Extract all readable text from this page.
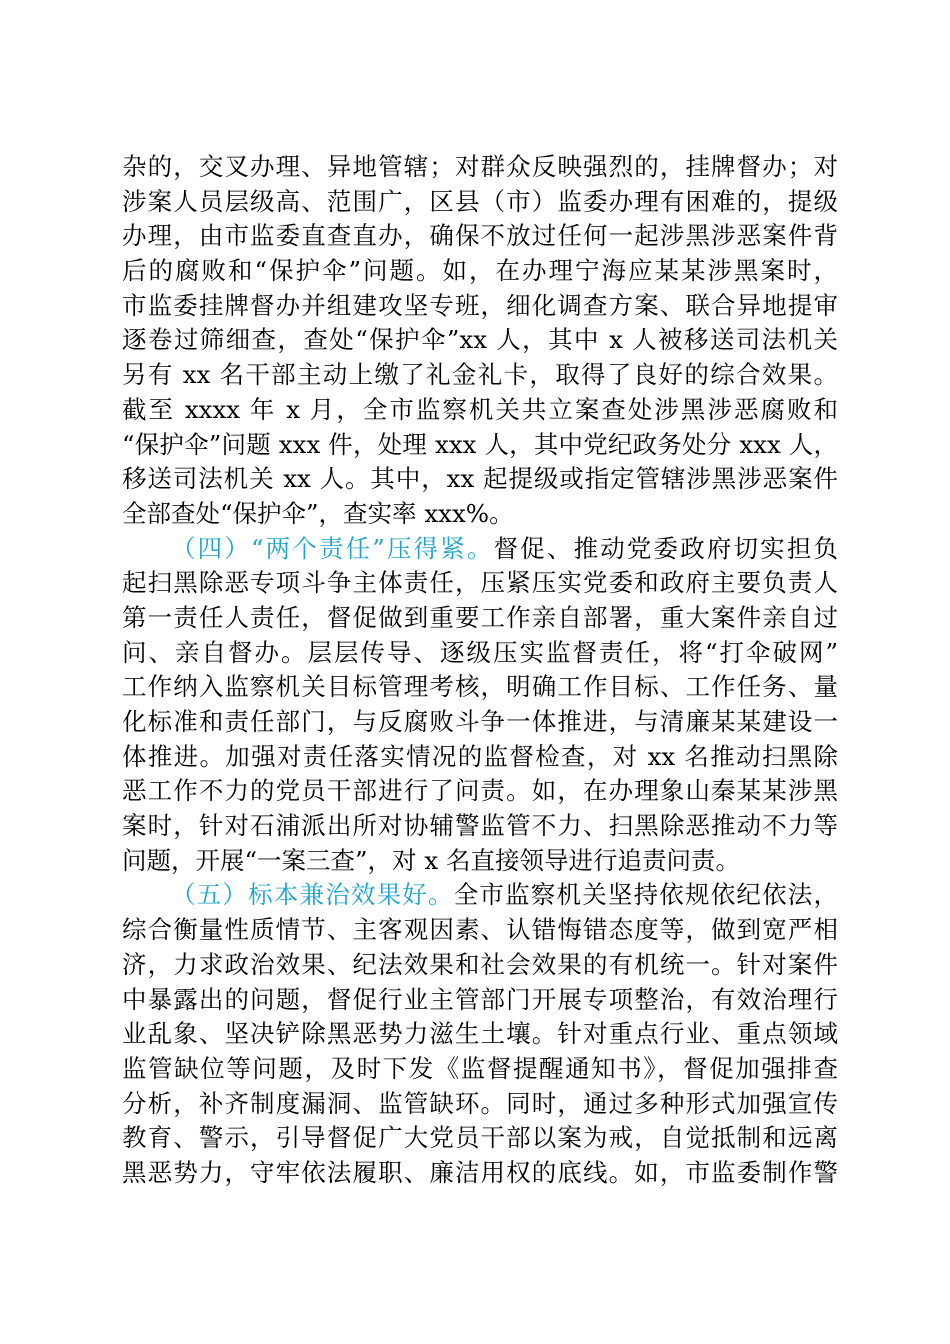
杂的，交叉办理、异地管辖；对群众反映强烈的，挂牌督办；对
涉案人员层级高、范围广，区县（市）监委办理有困难的，提级
办理，由市监委直查直办，确保不放过任何一起涉黑涉恶案件背
后的腐败和“保护伞”问题。如，在办理宁海应某某涉黑案时，
市监委挂牌督办并组建攻坚专班，细化调查方案、联合异地提审
逐卷过筛细查，查处“保护伞”xx 人，其中 x 人被移送司法机关
另有 xx 名干部主动上缴了礼金礼卡，取得了良好的综合效果。
截至 xxxx 年 x 月，全市监察机关共立案查处涉黑涉恶腐败和
“保护伞”问题 xxx 件，处理 xxx 人，其中党纪政务处分 xxx 人，
移送司法机关 xx 人。其中，xx 起提级或指定管辖涉黑涉恶案件
全部查处“保护伞”，查实率 xxx%。
（四）“两个责任”压得紧。督促、推动党委政府切实担负
起扫黑除恶专项斗争主体责任，压紧压实党委和政府主要负责人
第一责任人责任，督促做到重要工作亲自部署，重大案件亲自过
问、亲自督办。层层传导、逐级压实监督责任，将“打伞破网”
工作纳入监察机关目标管理考核，明确工作目标、工作任务、量
化标准和责任部门，与反腐败斗争一体推进，与清廉某某建设一
体推进。加强对责任落实情况的监督检查，对 xx 名推动扫黑除
恶工作不力的党员干部进行了问责。如，在办理象山秦某某涉黑
案时，针对石浦派出所对协辅警监管不力、扫黑除恶推动不力等
问题，开展“一案三查”，对 x 名直接领导进行追责问责。
（五）标本兼治效果好。全市监察机关坚持依规依纪依法，
综合衡量性质情节、主客观因素、认错悔错态度等，做到宽严相
济，力求政治效果、纪法效果和社会效果的有机统一。针对案件
中暴露出的问题，督促行业主管部门开展专项整治，有效治理行
业乱象、坚决铲除黑恶势力滋生土壤。针对重点行业、重点领域
监管缺位等问题，及时下发《监督提醒通知书》，督促加强排查
分析，补齐制度漏洞、监管缺环。同时，通过多种形式加强宣传
教育、警示，引导督促广大党员干部以案为戒，自觉抵制和远离
黑恶势力，守牢依法履职、廉洁用权的底线。如，市监委制作警
